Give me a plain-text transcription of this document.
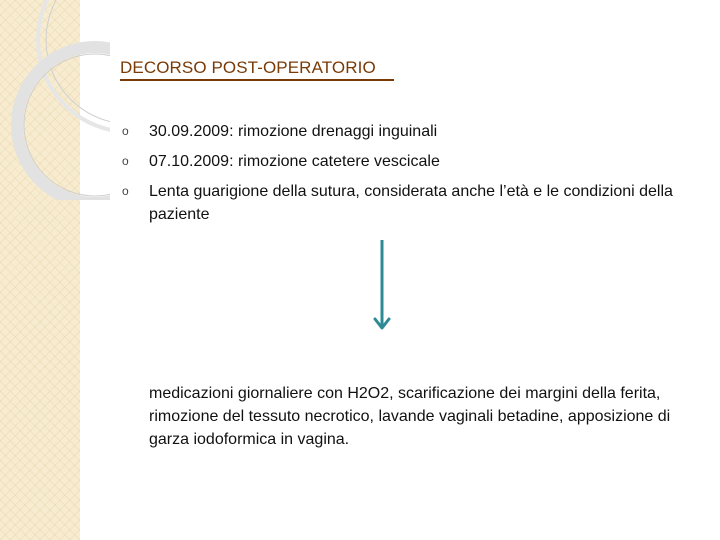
DECORSO POST-OPERATORIO
o 30.09.2009: rimozione drenaggi inguinali
o 07.10.2009: rimozione catetere vescicale
o Lenta guarigione della sutura, considerata anche l’età e le condizioni della paziente

medicazioni giornaliere con H2O2, scarificazione dei margini della ferita, rimozione del tessuto necrotico, lavande vaginali betadine, apposizione di garza iodoformica in vagina.
